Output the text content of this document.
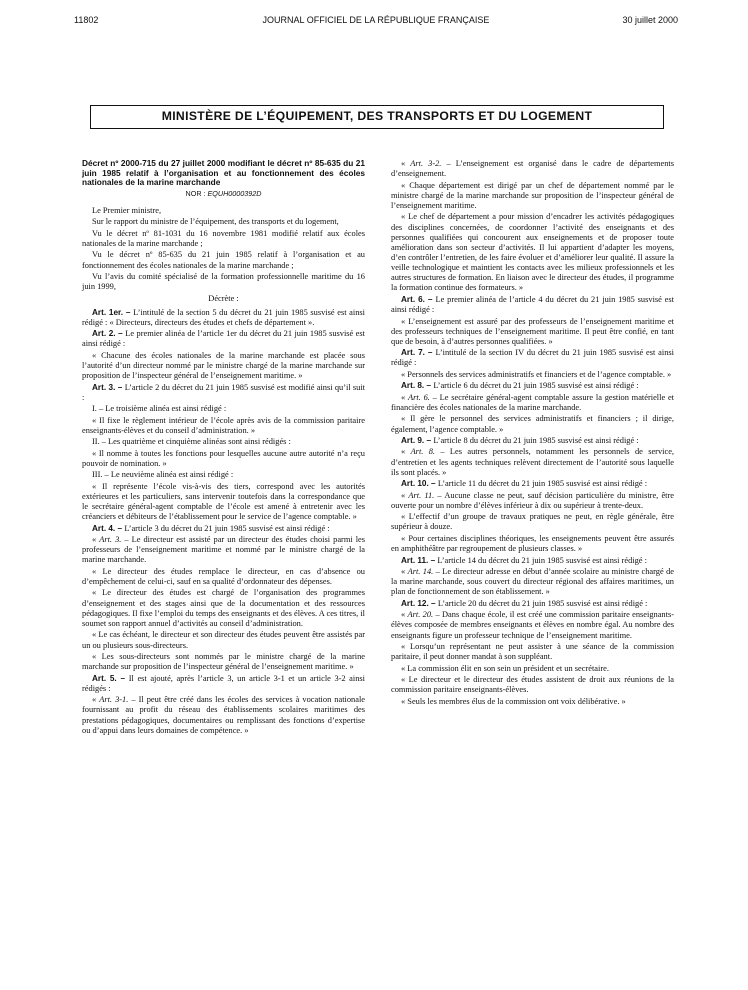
11802	JOURNAL OFFICIEL DE LA RÉPUBLIQUE FRANÇAISE	30 juillet 2000
MINISTÈRE DE L’ÉQUIPEMENT, DES TRANSPORTS ET DU LOGEMENT

Décret nº 2000-715 du 27 juillet 2000 modifiant le décret nº 85-635 du 21 juin 1985 relatif à l’organisation et au fonctionnement des écoles nationales de la marine marchande

NOR : EQUH0000392D

Le Premier ministre,

Sur le rapport du ministre de l’équipement, des transports et du logement,

Vu le décret nº 81-1031 du 16 novembre 1981 modifié relatif aux écoles nationales de la marine marchande ;

Vu le décret nº 85-635 du 21 juin 1985 relatif à l’organisation et au fonctionnement des écoles nationales de la marine marchande ;

Vu l’avis du comité spécialisé de la formation professionnelle maritime du 16 juin 1999,

Décrète :

Art. 1er. – L’intitulé de la section 5 du décret du 21 juin 1985 susvisé est ainsi rédigé : « Directeurs, directeurs des études et chefs de département ».

Art. 2. – Le premier alinéa de l’article 1er du décret du 21 juin 1985 susvisé est ainsi rédigé :

« Chacune des écoles nationales de la marine marchande est placée sous l’autorité d’un directeur nommé par le ministre chargé de la marine marchande sur proposition de l’inspecteur général de l’enseignement maritime. »

Art. 3. – L’article 2 du décret du 21 juin 1985 susvisé est modifié ainsi qu’il suit :

I. – Le troisième alinéa est ainsi rédigé :

« Il fixe le règlement intérieur de l’école après avis de la commission paritaire enseignants-élèves et du conseil d’administration. »

II. – Les quatrième et cinquième alinéas sont ainsi rédigés :

« Il nomme à toutes les fonctions pour lesquelles aucune autre autorité n’a reçu pouvoir de nomination. »

III. – Le neuvième alinéa est ainsi rédigé :

« Il représente l’école vis-à-vis des tiers, correspond avec les autorités extérieures et les particuliers, sans intervenir toutefois dans la correspondance que le secrétaire général-agent comptable de l’école est amené à entretenir avec les créanciers et débiteurs de l’établissement pour le service de l’agence comptable. »

Art. 4. – L’article 3 du décret du 21 juin 1985 susvisé est ainsi rédigé :

« Art. 3. – Le directeur est assisté par un directeur des études choisi parmi les professeurs de l’enseignement maritime et nommé par le ministre chargé de la marine marchande.

« Le directeur des études remplace le directeur, en cas d’absence ou d’empêchement de celui-ci, sauf en sa qualité d’ordonnateur des dépenses.

« Le directeur des études est chargé de l’organisation des programmes d’enseignement et des stages ainsi que de la documentation et des ressources pédagogiques. Il fixe l’emploi du temps des enseignants et des élèves. A ces titres, il soumet son rapport annuel d’activités au conseil d’administration.

« Le cas échéant, le directeur et son directeur des études peuvent être assistés par un ou plusieurs sous-directeurs.

« Les sous-directeurs sont nommés par le ministre chargé de la marine marchande sur proposition de l’inspecteur général de l’enseignement maritime. »

Art. 5. – Il est ajouté, après l’article 3, un article 3-1 et un article 3-2 ainsi rédigés :

« Art. 3-1. – Il peut être créé dans les écoles des services à vocation nationale fournissant au profit du réseau des établissements scolaires maritimes des prestations pédagogiques, documentaires ou remplissant des fonctions d’expertise ou d’appui dans leurs domaines de compétence. »

« Art. 3-2. – L’enseignement est organisé dans le cadre de départements d’enseignement.

« Chaque département est dirigé par un chef de département nommé par le ministre chargé de la marine marchande sur proposition de l’inspecteur général de l’enseignement maritime.

« Le chef de département a pour mission d’encadrer les activités pédagogiques des disciplines concernées, de coordonner l’activité des enseignants et des personnes qualifiées qui concourent aux enseignements et de proposer toute amélioration dans son secteur d’activités. Il lui appartient d’adapter les moyens, d’en contrôler l’entretien, de les faire évoluer et d’améliorer leur qualité. Il assure la veille technologique et maintient les contacts avec les milieux professionnels et les autres structures de formation. En liaison avec le directeur des études, il programme la formation continue des formateurs. »

Art. 6. – Le premier alinéa de l’article 4 du décret du 21 juin 1985 susvisé est ainsi rédigé :

« L’enseignement est assuré par des professeurs de l’enseignement maritime et des professeurs techniques de l’enseignement maritime. Il peut être confié, en tant que de besoin, à d’autres personnes qualifiées. »

Art. 7. – L’intitulé de la section IV du décret du 21 juin 1985 susvisé est ainsi rédigé :

« Personnels des services administratifs et financiers et de l’agence comptable. »

Art. 8. – L’article 6 du décret du 21 juin 1985 susvisé est ainsi rédigé :

« Art. 6. – Le secrétaire général-agent comptable assure la gestion matérielle et financière des écoles nationales de la marine marchande.

« Il gère le personnel des services administratifs et financiers ; il dirige, également, l’agence comptable. »

Art. 9. – L’article 8 du décret du 21 juin 1985 susvisé est ainsi rédigé :

« Art. 8. – Les autres personnels, notamment les personnels de service, d’entretien et les agents techniques relèvent directement de l’autorité sous laquelle ils sont placés. »

Art. 10. – L’article 11 du décret du 21 juin 1985 susvisé est ainsi rédigé :

« Art. 11. – Aucune classe ne peut, sauf décision particulière du ministre, être ouverte pour un nombre d’élèves inférieur à dix ou supérieur à trente-deux.

« L’effectif d’un groupe de travaux pratiques ne peut, en règle générale, être supérieur à douze.

« Pour certaines disciplines théoriques, les enseignements peuvent être assurés en amphithéâtre par regroupement de plusieurs classes. »

Art. 11. – L’article 14 du décret du 21 juin 1985 susvisé est ainsi rédigé :

« Art. 14. – Le directeur adresse en début d’année scolaire au ministre chargé de la marine marchande, sous couvert du directeur régional des affaires maritimes, un plan de fonctionnement de son établissement. »

Art. 12. – L’article 20 du décret du 21 juin 1985 susvisé est ainsi rédigé :

« Art. 20. – Dans chaque école, il est créé une commission paritaire enseignants-élèves composée de membres enseignants et élèves en nombre égal. Au nombre des enseignants figure un professeur technique de l’enseignement maritime.

« Lorsqu’un représentant ne peut assister à une séance de la commission paritaire, il peut donner mandat à son suppléant.

« La commission élit en son sein un président et un secrétaire.

« Le directeur et le directeur des études assistent de droit aux réunions de la commission paritaire enseignants-élèves.

« Seuls les membres élus de la commission ont voix délibérative. »
